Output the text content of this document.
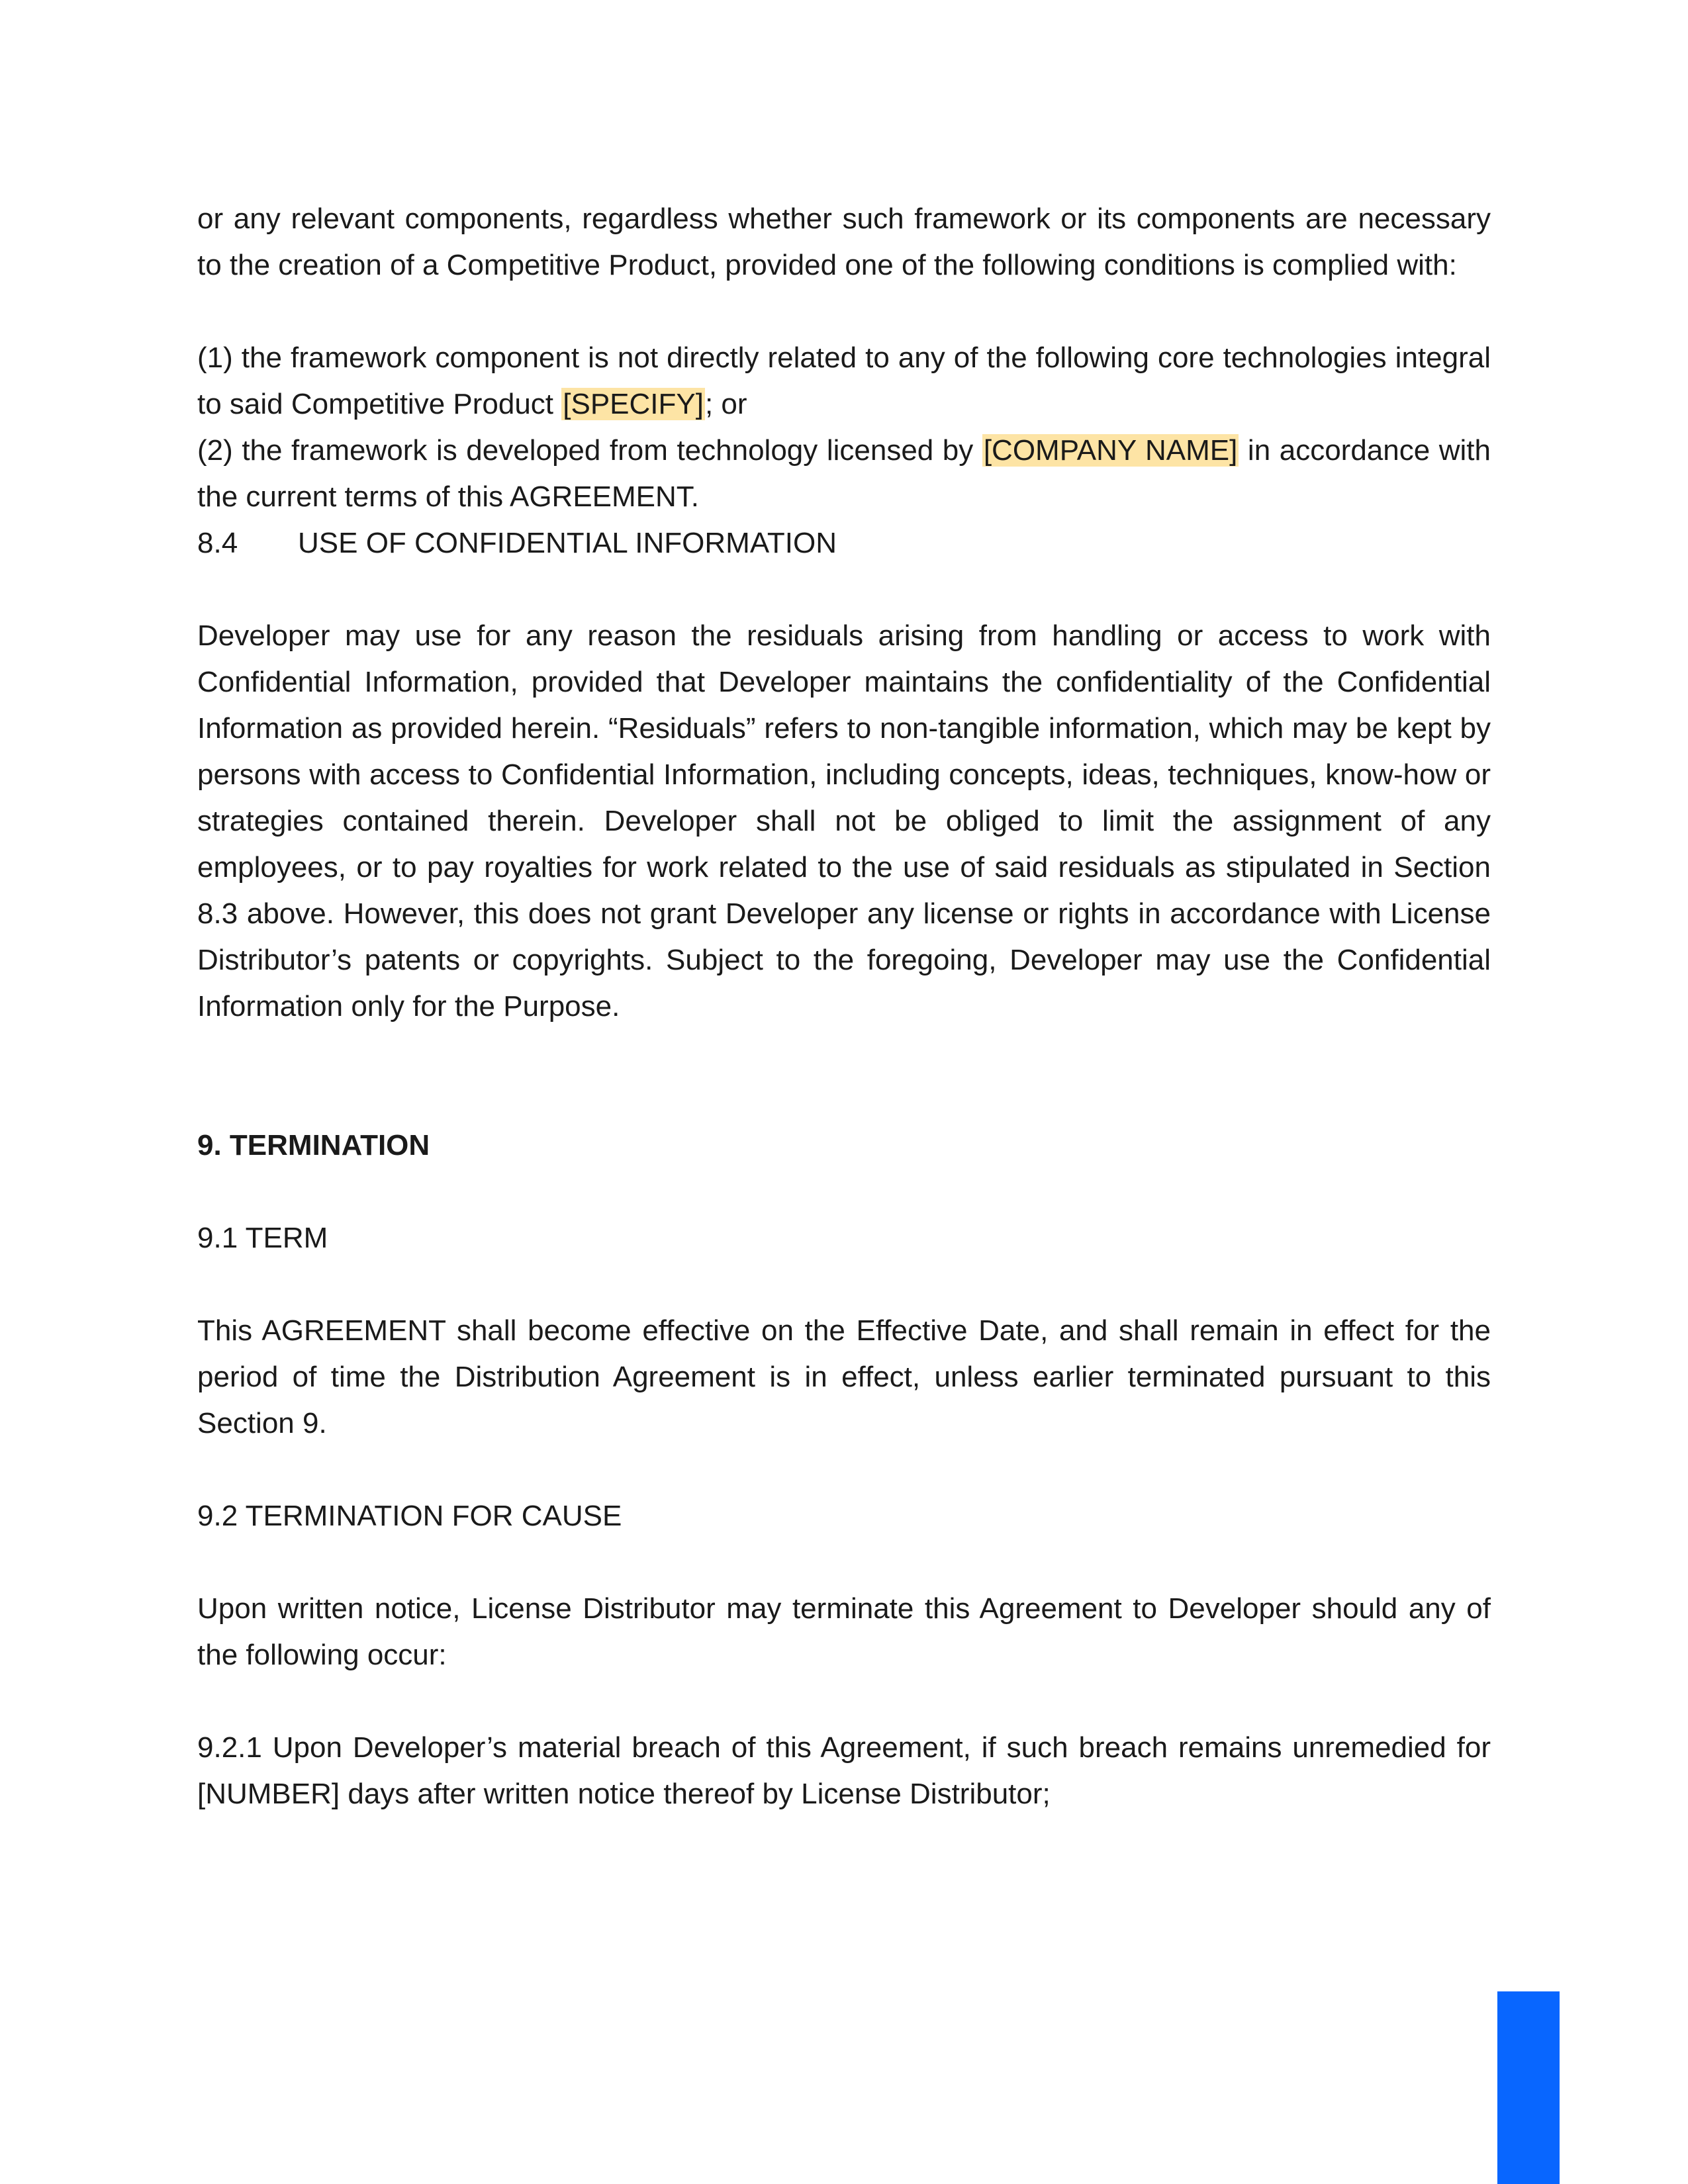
or any relevant components, regardless whether such framework or its components are necessary to the creation of a Competitive Product, provided one of the following conditions is complied with:

(1) the framework component is not directly related to any of the following core technologies integral to said Competitive Product [SPECIFY]; or

(2) the framework is developed from technology licensed by [COMPANY NAME] in accordance with the current terms of this AGREEMENT.

8.4 USE OF CONFIDENTIAL INFORMATION

Developer may use for any reason the residuals arising from handling or access to work with Confidential Information, provided that Developer maintains the confidentiality of the Confidential Information as provided herein. “Residuals” refers to non-tangible information, which may be kept by persons with access to Confidential Information, including concepts, ideas, techniques, know-how or strategies contained therein. Developer shall not be obliged to limit the assignment of any employees, or to pay royalties for work related to the use of said residuals as stipulated in Section 8.3 above. However, this does not grant Developer any license or rights in accordance with License Distributor’s patents or copyrights. Subject to the foregoing, Developer may use the Confidential Information only for the Purpose.

9. TERMINATION
9.1 TERM

This AGREEMENT shall become effective on the Effective Date, and shall remain in effect for the period of time the Distribution Agreement is in effect, unless earlier terminated pursuant to this Section 9.

9.2 TERMINATION FOR CAUSE

Upon written notice, License Distributor may terminate this Agreement to Developer should any of the following occur:

9.2.1 Upon Developer’s material breach of this Agreement, if such breach remains unremedied for [NUMBER] days after written notice thereof by License Distributor;
